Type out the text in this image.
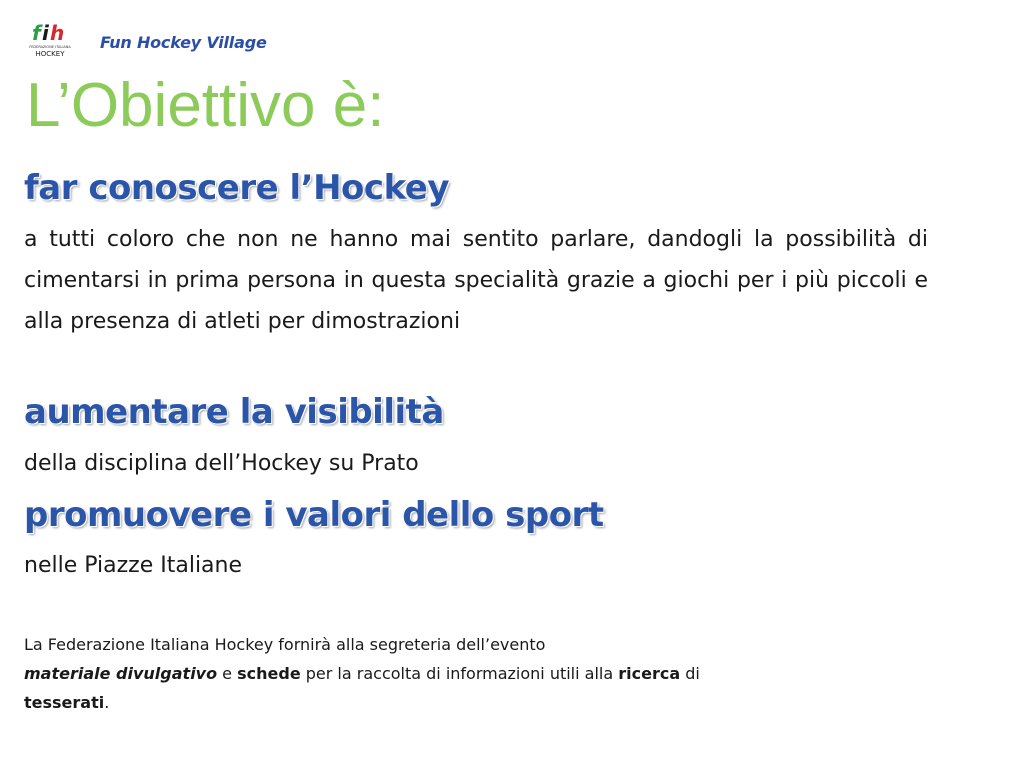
f i h
FEDERAZIONE ITALIANA
HOCKEY
Fun Hockey Village
L’Obiettivo è:
far conoscere l’Hockey

a tutti coloro che non ne hanno mai sentito parlare, dandogli la possibilità di cimentarsi in prima persona in questa specialità grazie a giochi per i più piccoli e alla presenza di atleti per dimostrazioni

aumentare la visibilità

della disciplina dell’Hockey su Prato

promuovere i valori dello sport

nelle Piazze Italiane

La Federazione Italiana Hockey fornirà alla segreteria dell’evento
materiale divulgativo e schede per la raccolta di informazioni utili alla ricerca di
tesserati.
